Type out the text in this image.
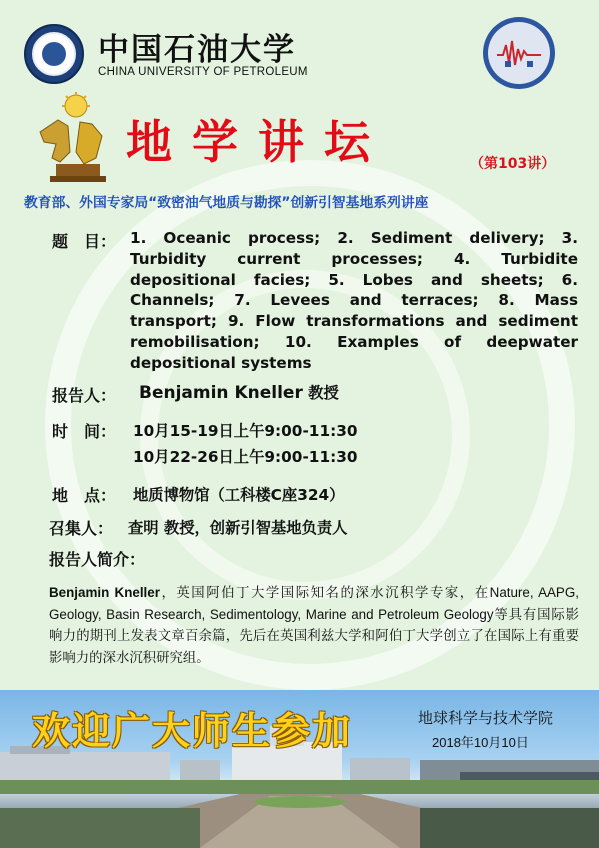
中国石油大学
CHINA UNIVERSITY OF PETROLEUM
地学讲坛	（第103讲）
教育部、外国专家局“致密油气地质与勘探”创新引智基地系列讲座
题　目： 1. Oceanic process; 2. Sediment delivery; 3. Turbidity current processes; 4. Turbidite depositional facies; 5. Lobes and sheets; 6. Channels; 7. Levees and terraces; 8. Mass transport; 9. Flow transformations and sediment remobilisation; 10. Examples of deepwater depositional systems
报告人： Benjamin Kneller 教授
时　间： 10月15-19日上午9:00-11:30
10月22-26日上午9:00-11:30
地　点： 地质博物馆（工科楼C座324）
召集人： 查明 教授，创新引智基地负责人
报告人简介：
Benjamin Kneller，英国阿伯丁大学国际知名的深水沉积学专家，在Nature, AAPG, Geology, Basin Research, Sedimentology, Marine and Petroleum Geology等具有国际影响力的期刊上发表文章百余篇，先后在英国利兹大学和阿伯丁大学创立了在国际上有重要影响力的深水沉积研究组。
欢迎广大师生参加	地球科学与技术学院
2018年10月10日
